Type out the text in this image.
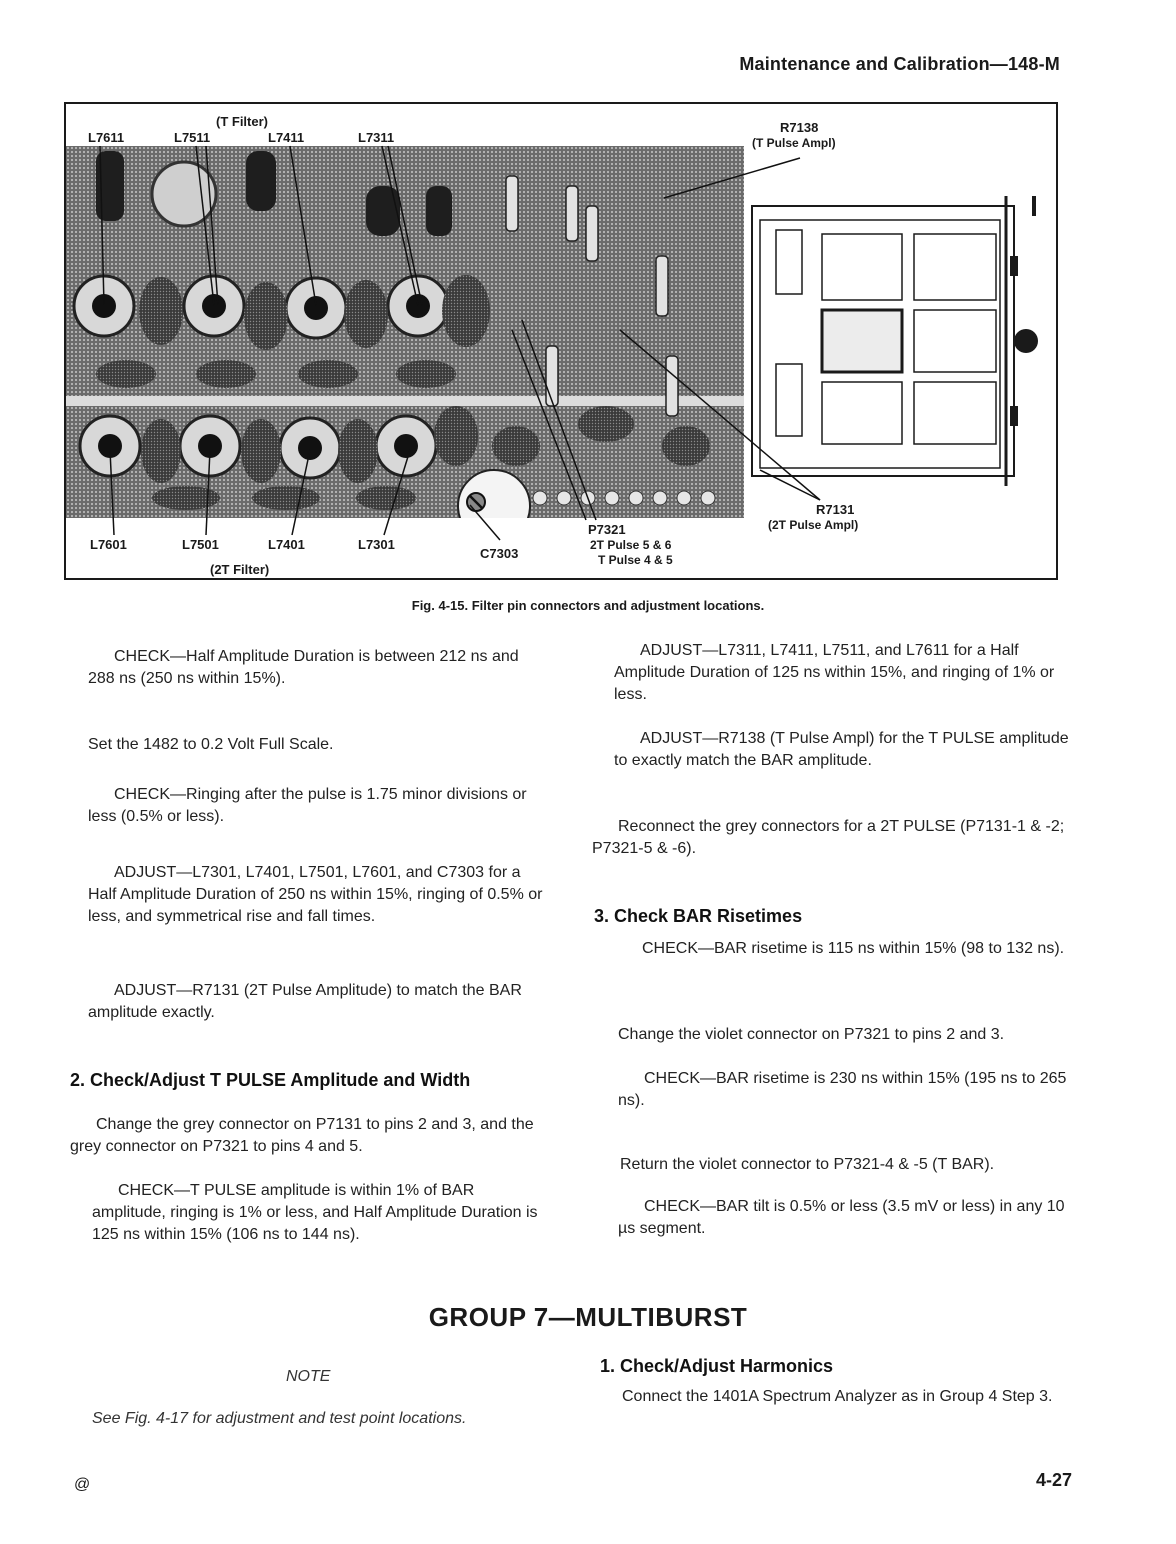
Maintenance and Calibration—148-M
(T Filter)
L7611	L7511	L7411	L7311
R7138
(T Pulse Ampl)
L7601	L7501	L7401	L7301
(2T Filter)
C7303
P7321
2T Pulse 5 & 6
T Pulse 4 & 5
R7131
(2T Pulse Ampl)
Fig. 4-15. Filter pin connectors and adjustment locations.
CHECK—Half Amplitude Duration is between 212 ns and 288 ns (250 ns within 15%).
Set the 1482 to 0.2 Volt Full Scale.
CHECK—Ringing after the pulse is 1.75 minor divisions or less (0.5% or less).
ADJUST—L7301, L7401, L7501, L7601, and C7303 for a Half Amplitude Duration of 250 ns within 15%, ringing of 0.5% or less, and symmetrical rise and fall times.
ADJUST—R7131 (2T Pulse Amplitude) to match the BAR amplitude exactly.
2. Check/Adjust T PULSE Amplitude and Width
Change the grey connector on P7131 to pins 2 and 3, and the grey connector on P7321 to pins 4 and 5.
CHECK—T PULSE amplitude is within 1% of BAR amplitude, ringing is 1% or less, and Half Amplitude Duration is 125 ns within 15% (106 ns to 144 ns).
ADJUST—L7311, L7411, L7511, and L7611 for a Half Amplitude Duration of 125 ns within 15%, and ringing of 1% or less.
ADJUST—R7138 (T Pulse Ampl) for the T PULSE amplitude to exactly match the BAR amplitude.
Reconnect the grey connectors for a 2T PULSE (P7131-1 & -2; P7321-5 & -6).
3. Check BAR Risetimes
CHECK—BAR risetime is 115 ns within 15% (98 to 132 ns).
Change the violet connector on P7321 to pins 2 and 3.
CHECK—BAR risetime is 230 ns within 15% (195 ns to 265 ns).
Return the violet connector to P7321-4 & -5 (T BAR).
CHECK—BAR tilt is 0.5% or less (3.5 mV or less) in any 10 µs segment.
GROUP 7—MULTIBURST
NOTE
See Fig. 4-17 for adjustment and test point locations.
1. Check/Adjust Harmonics
Connect the 1401A Spectrum Analyzer as in Group 4 Step 3.
@	4-27
